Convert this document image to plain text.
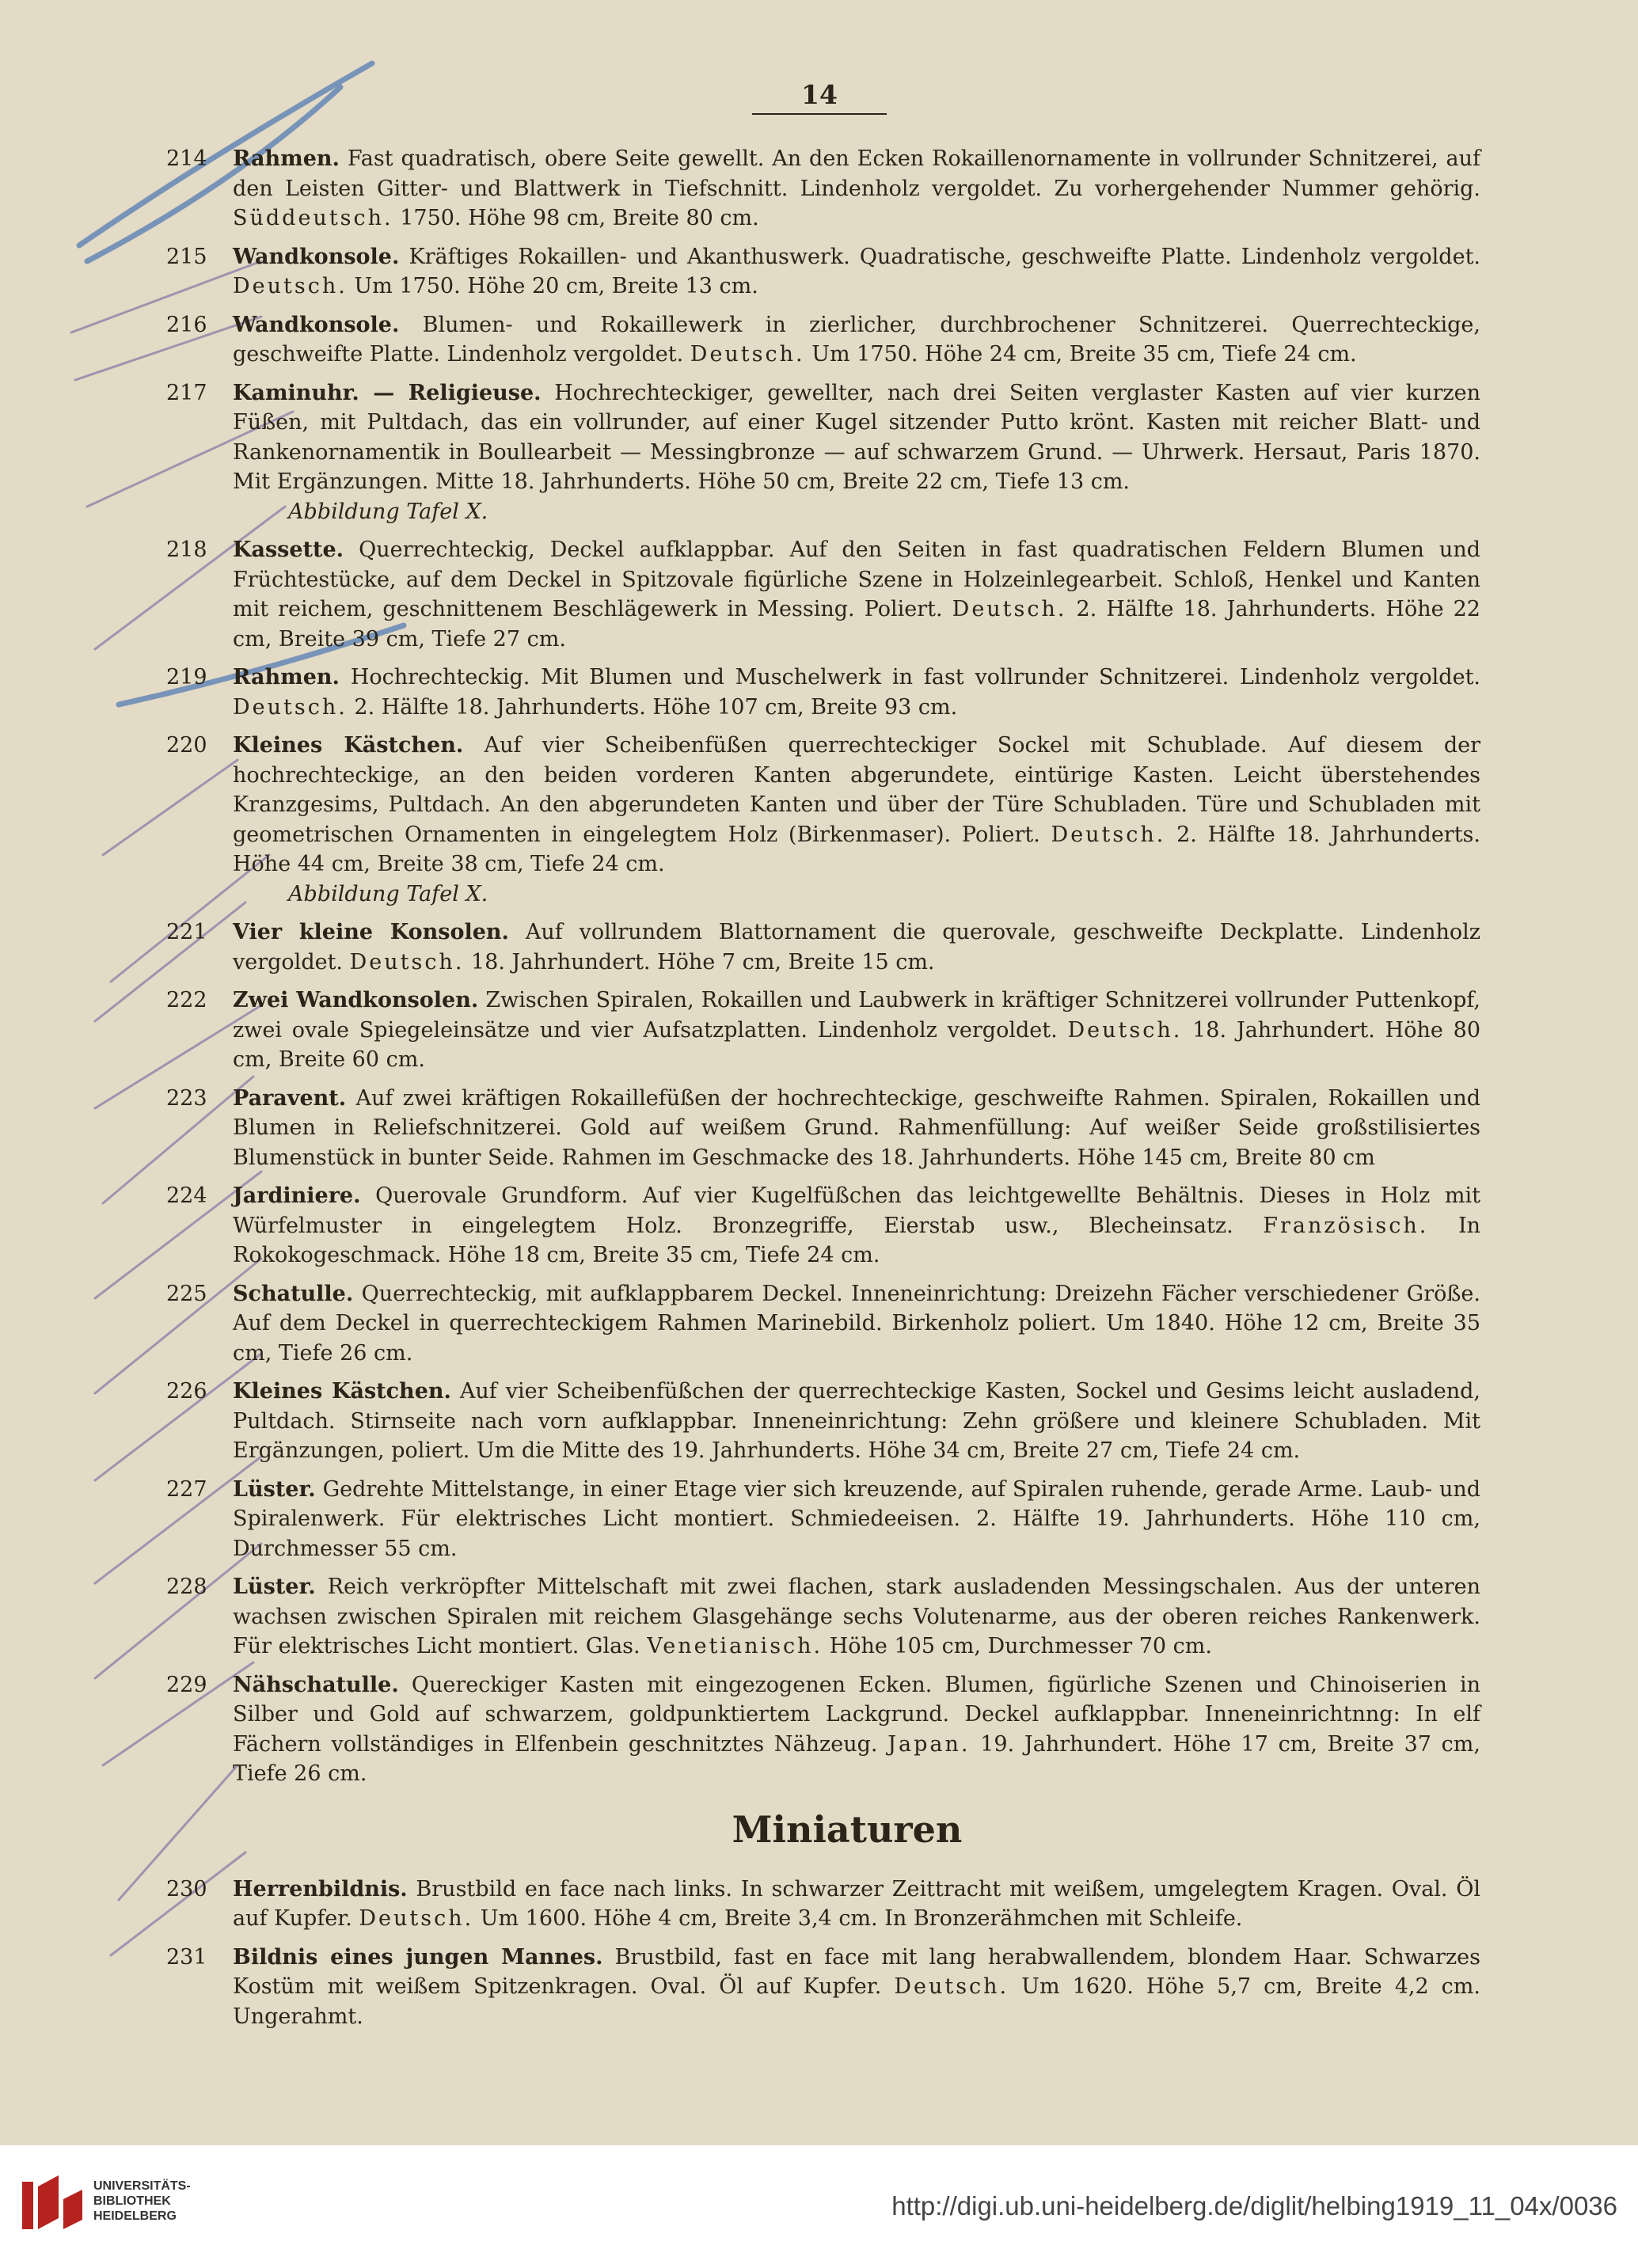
14
214	Rahmen. Fast quadratisch, obere Seite gewellt. An den Ecken Rokaillenornamente in vollrunder Schnitzerei, auf den Leisten Gitter- und Blattwerk in Tiefschnitt. Lindenholz vergoldet. Zu vorhergehender Nummer gehörig. Süddeutsch. 1750. Höhe 98 cm, Breite 80 cm.
215	Wandkonsole. Kräftiges Rokaillen- und Akanthuswerk. Quadratische, geschweifte Platte. Lindenholz vergoldet. Deutsch. Um 1750. Höhe 20 cm, Breite 13 cm.
216	Wandkonsole. Blumen- und Rokaillewerk in zierlicher, durchbrochener Schnitzerei. Querrechteckige, geschweifte Platte. Lindenholz vergoldet. Deutsch. Um 1750. Höhe 24 cm, Breite 35 cm, Tiefe 24 cm.
217	Kaminuhr. — Religieuse. Hochrechteckiger, gewellter, nach drei Seiten verglaster Kasten auf vier kurzen Füßen, mit Pultdach, das ein vollrunder, auf einer Kugel sitzender Putto krönt. Kasten mit reicher Blatt- und Rankenornamentik in Boullearbeit — Messingbronze — auf schwarzem Grund. — Uhrwerk. Hersaut, Paris 1870. Mit Ergänzungen. Mitte 18. Jahrhunderts. Höhe 50 cm, Breite 22 cm, Tiefe 13 cm.
Abbildung Tafel X.
218	Kassette. Querrechteckig, Deckel aufklappbar. Auf den Seiten in fast quadratischen Feldern Blumen und Früchtestücke, auf dem Deckel in Spitzovale figürliche Szene in Holzeinlegearbeit. Schloß, Henkel und Kanten mit reichem, geschnittenem Beschlägewerk in Messing. Poliert. Deutsch. 2. Hälfte 18. Jahrhunderts. Höhe 22 cm, Breite 39 cm, Tiefe 27 cm.
219	Rahmen. Hochrechteckig. Mit Blumen und Muschelwerk in fast vollrunder Schnitzerei. Lindenholz vergoldet. Deutsch. 2. Hälfte 18. Jahrhunderts. Höhe 107 cm, Breite 93 cm.
220	Kleines Kästchen. Auf vier Scheibenfüßen querrechteckiger Sockel mit Schublade. Auf diesem der hochrechteckige, an den beiden vorderen Kanten abgerundete, eintürige Kasten. Leicht überstehendes Kranzgesims, Pultdach. An den abgerundeten Kanten und über der Türe Schubladen. Türe und Schubladen mit geometrischen Ornamenten in eingelegtem Holz (Birkenmaser). Poliert. Deutsch. 2. Hälfte 18. Jahrhunderts. Höhe 44 cm, Breite 38 cm, Tiefe 24 cm.
Abbildung Tafel X.
221	Vier kleine Konsolen. Auf vollrundem Blattornament die querovale, geschweifte Deckplatte. Lindenholz vergoldet. Deutsch. 18. Jahrhundert. Höhe 7 cm, Breite 15 cm.
222	Zwei Wandkonsolen. Zwischen Spiralen, Rokaillen und Laubwerk in kräftiger Schnitzerei vollrunder Puttenkopf, zwei ovale Spiegeleinsätze und vier Aufsatzplatten. Lindenholz vergoldet. Deutsch. 18. Jahrhundert. Höhe 80 cm, Breite 60 cm.
223	Paravent. Auf zwei kräftigen Rokaillefüßen der hochrechteckige, geschweifte Rahmen. Spiralen, Rokaillen und Blumen in Reliefschnitzerei. Gold auf weißem Grund. Rahmenfüllung: Auf weißer Seide großstilisiertes Blumenstück in bunter Seide. Rahmen im Geschmacke des 18. Jahrhunderts. Höhe 145 cm, Breite 80 cm
224	Jardiniere. Querovale Grundform. Auf vier Kugelfüßchen das leichtgewellte Behältnis. Dieses in Holz mit Würfelmuster in eingelegtem Holz. Bronzegriffe, Eierstab usw., Blecheinsatz. Französisch. In Rokokogeschmack. Höhe 18 cm, Breite 35 cm, Tiefe 24 cm.
225	Schatulle. Querrechteckig, mit aufklappbarem Deckel. Inneneinrichtung: Dreizehn Fächer verschiedener Größe. Auf dem Deckel in querrechteckigem Rahmen Marinebild. Birkenholz poliert. Um 1840. Höhe 12 cm, Breite 35 cm, Tiefe 26 cm.
226	Kleines Kästchen. Auf vier Scheibenfüßchen der querrechteckige Kasten, Sockel und Gesims leicht ausladend, Pultdach. Stirnseite nach vorn aufklappbar. Inneneinrichtung: Zehn größere und kleinere Schubladen. Mit Ergänzungen, poliert. Um die Mitte des 19. Jahrhunderts. Höhe 34 cm, Breite 27 cm, Tiefe 24 cm.
227	Lüster. Gedrehte Mittelstange, in einer Etage vier sich kreuzende, auf Spiralen ruhende, gerade Arme. Laub- und Spiralenwerk. Für elektrisches Licht montiert. Schmiedeeisen. 2. Hälfte 19. Jahrhunderts. Höhe 110 cm, Durchmesser 55 cm.
228	Lüster. Reich verkröpfter Mittelschaft mit zwei flachen, stark ausladenden Messingschalen. Aus der unteren wachsen zwischen Spiralen mit reichem Glasgehänge sechs Volutenarme, aus der oberen reiches Rankenwerk. Für elektrisches Licht montiert. Glas. Venetianisch. Höhe 105 cm, Durchmesser 70 cm.
229	Nähschatulle. Quereckiger Kasten mit eingezogenen Ecken. Blumen, figürliche Szenen und Chinoiserien in Silber und Gold auf schwarzem, goldpunktiertem Lackgrund. Deckel aufklappbar. Inneneinrichtnng: In elf Fächern vollständiges in Elfenbein geschnitztes Nähzeug. Japan. 19. Jahrhundert. Höhe 17 cm, Breite 37 cm, Tiefe 26 cm.
Miniaturen
230	Herrenbildnis. Brustbild en face nach links. In schwarzer Zeittracht mit weißem, umgelegtem Kragen. Oval. Öl auf Kupfer. Deutsch. Um 1600. Höhe 4 cm, Breite 3,4 cm. In Bronzerähmchen mit Schleife.
231	Bildnis eines jungen Mannes. Brustbild, fast en face mit lang herabwallendem, blondem Haar. Schwarzes Kostüm mit weißem Spitzenkragen. Oval. Öl auf Kupfer. Deutsch. Um 1620. Höhe 5,7 cm, Breite 4,2 cm. Ungerahmt.
UNIVERSITÄTS-
BIBLIOTHEK
HEIDELBERG	http://digi.ub.uni-heidelberg.de/diglit/helbing1919_11_04x/0036
